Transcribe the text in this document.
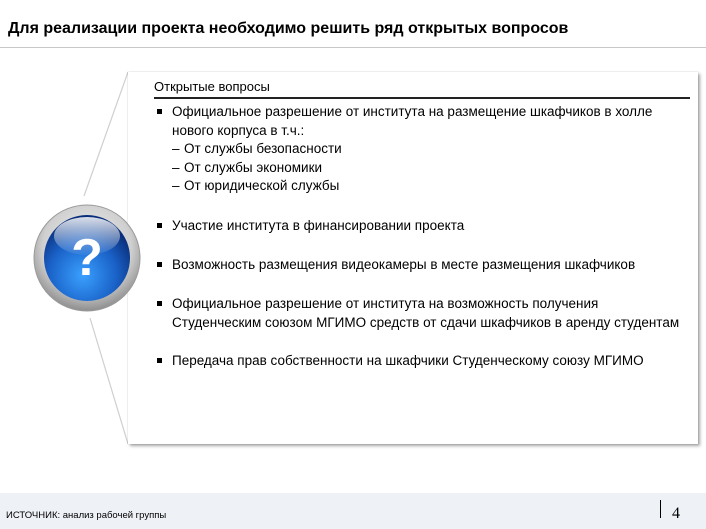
Для реализации проекта необходимо решить ряд открытых вопросов
?
Открытые вопросы
Официальное разрешение от института на размещение шкафчиков в холле нового корпуса в т.ч.:
– От службы безопасности
– От службы экономики
– От юридической службы
Участие института в финансировании проекта
Возможность размещения видеокамеры в месте размещения шкафчиков
Официальное разрешение от института на возможность получения Студенческим союзом МГИМО средств от сдачи шкафчиков в аренду студентам
Передача прав собственности на шкафчики Студенческому союзу МГИМО
ИСТОЧНИК: анализ рабочей группы	4
